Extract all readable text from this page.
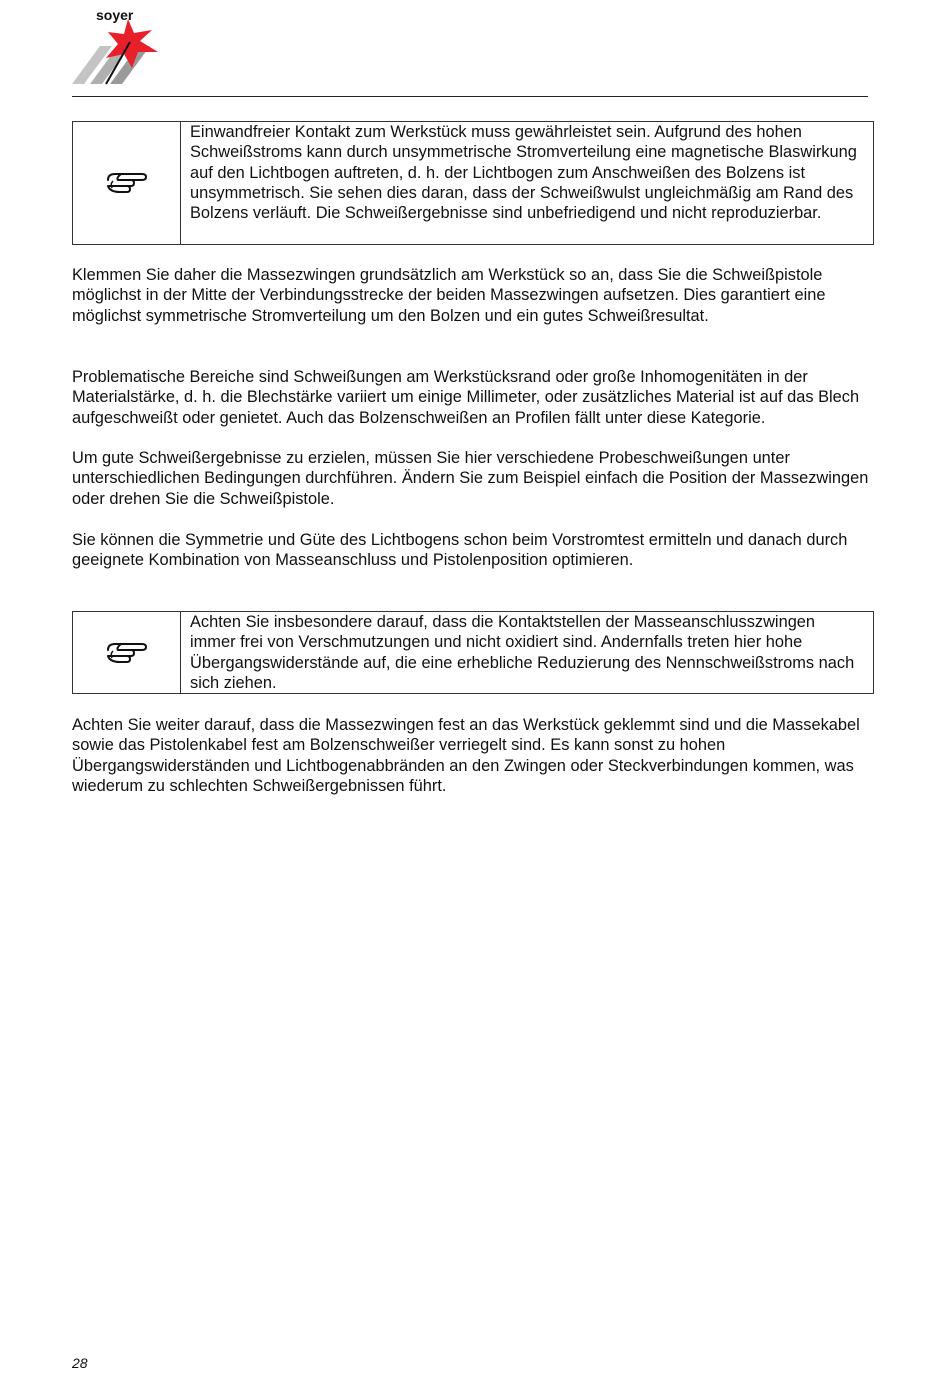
soyer
Einwandfreier Kontakt zum Werkstück muss gewährleistet sein. Aufgrund des hohen Schweißstroms kann durch unsymmetrische Stromverteilung eine magnetische Blaswirkung auf den Lichtbogen auftreten, d. h. der Lichtbogen zum Anschweißen des Bolzens ist unsymmetrisch. Sie sehen dies daran, dass der Schweißwulst ungleichmäßig am Rand des Bolzens verläuft. Die Schweißergebnisse sind unbefriedigend und nicht reproduzierbar.

Klemmen Sie daher die Massezwingen grundsätzlich am Werkstück so an, dass Sie die Schweißpistole möglichst in der Mitte der Verbindungsstrecke der beiden Massezwingen aufsetzen. Dies garantiert eine möglichst symmetrische Stromverteilung um den Bolzen und ein gutes Schweißresultat.

Problematische Bereiche sind Schweißungen am Werkstücksrand oder große Inhomogenitäten in der Materialstärke, d. h. die Blechstärke variiert um einige Millimeter, oder zusätzliches Material ist auf das Blech aufgeschweißt oder genietet. Auch das Bolzenschweißen an Profilen fällt unter diese Kategorie.

Um gute Schweißergebnisse zu erzielen, müssen Sie hier verschiedene Probeschweißungen unter unterschiedlichen Bedingungen durchführen. Ändern Sie zum Beispiel einfach die Position der Massezwingen oder drehen Sie die Schweißpistole.

Sie können die Symmetrie und Güte des Lichtbogens schon beim Vorstromtest ermitteln und danach durch geeignete Kombination von Masseanschluss und Pistolenposition optimieren.

Achten Sie insbesondere darauf, dass die Kontaktstellen der Masseanschlusszwingen immer frei von Verschmutzungen und nicht oxidiert sind. Andernfalls treten hier hohe Übergangswiderstände auf, die eine erhebliche Reduzierung des Nennschweißstroms nach sich ziehen.

Achten Sie weiter darauf, dass die Massezwingen fest an das Werkstück geklemmt sind und die Massekabel sowie das Pistolenkabel fest am Bolzenschweißer verriegelt sind. Es kann sonst zu hohen Übergangswiderständen und Lichtbogenabbränden an den Zwingen oder Steckverbindungen kommen, was wiederum zu schlechten Schweißergebnissen führt.

28
